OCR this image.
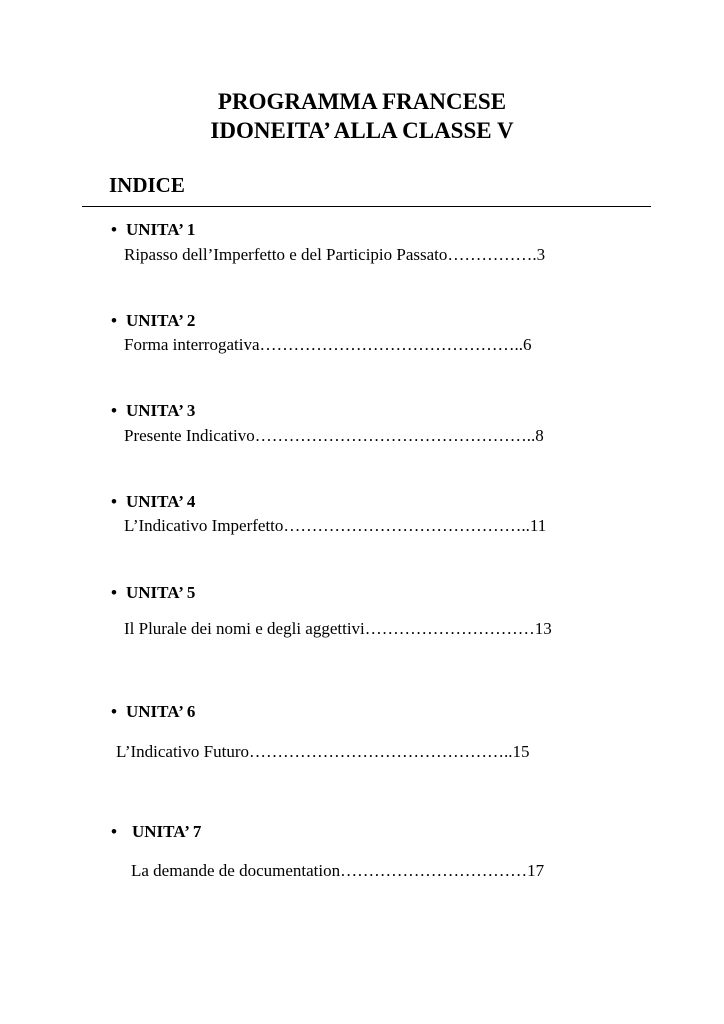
PROGRAMMA FRANCESE
IDONEITA’ ALLA CLASSE V
INDICE
• UNITA’ 1
Ripasso dell’Imperfetto e del Participio Passato…………….3
• UNITA’ 2
Forma interrogativa………………………………………..6
• UNITA’ 3
Presente Indicativo…………………………………………..8
• UNITA’ 4
L’Indicativo Imperfetto……………………………………..11
• UNITA’ 5
Il Plurale dei nomi e degli aggettivi…………………………13
• UNITA’ 6
L’Indicativo Futuro………………………………………..15
• UNITA’ 7
La demande de documentation……………………………17
